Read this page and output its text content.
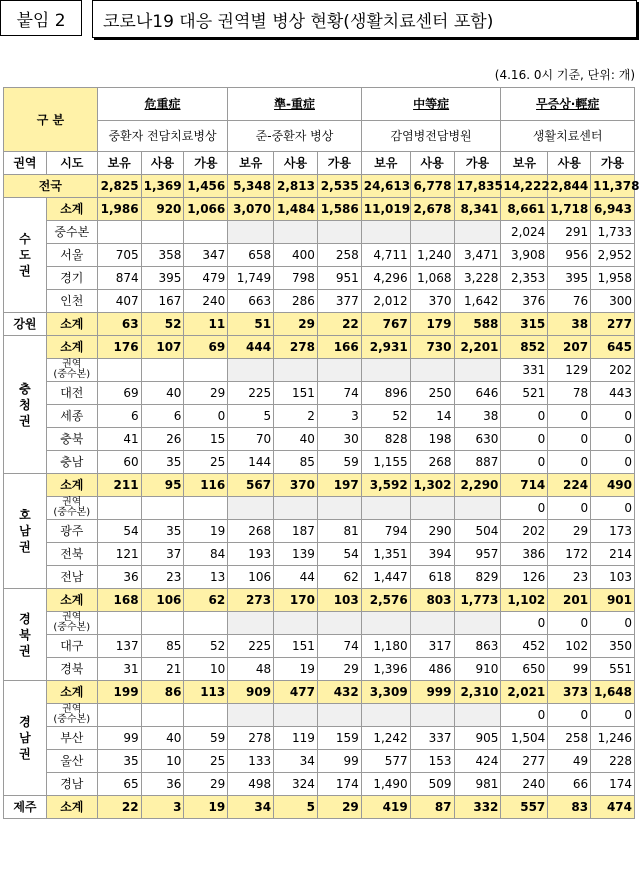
붙임 2	코로나19 대응 권역별 병상 현황(생활치료센터 포함)
(4.16. 0시 기준, 단위: 개)
구 분		危重症			準-重症			中等症			무증상·輕症		
		중환자 전담치료병상			준-중환자 병상			감염병전담병원			생활치료센터		
권역	시도	보유	사용	가용	보유	사용	가용	보유	사용	가용	보유	사용	가용
전국		2,825	1,369	1,456	5,348	2,813	2,535	24,613	6,778	17,835	14,222	2,844	11,378
수
도
권	소계	1,986	920	1,066	3,070	1,484	1,586	11,019	2,678	8,341	8,661	1,718	6,943
	중수본										2,024	291	1,733
	서울	705	358	347	658	400	258	4,711	1,240	3,471	3,908	956	2,952
	경기	874	395	479	1,749	798	951	4,296	1,068	3,228	2,353	395	1,958
	인천	407	167	240	663	286	377	2,012	370	1,642	376	76	300
강원	소계	63	52	11	51	29	22	767	179	588	315	38	277
충
청
권	소계	176	107	69	444	278	166	2,931	730	2,201	852	207	645
	권역
(중수본)										331	129	202
	대전	69	40	29	225	151	74	896	250	646	521	78	443
	세종	6	6	0	5	2	3	52	14	38	0	0	0
	충북	41	26	15	70	40	30	828	198	630	0	0	0
	충남	60	35	25	144	85	59	1,155	268	887	0	0	0
호
남
권	소계	211	95	116	567	370	197	3,592	1,302	2,290	714	224	490
	권역
(중수본)										0	0	0
	광주	54	35	19	268	187	81	794	290	504	202	29	173
	전북	121	37	84	193	139	54	1,351	394	957	386	172	214
	전남	36	23	13	106	44	62	1,447	618	829	126	23	103
경
북
권	소계	168	106	62	273	170	103	2,576	803	1,773	1,102	201	901
	권역
(중수본)										0	0	0
	대구	137	85	52	225	151	74	1,180	317	863	452	102	350
	경북	31	21	10	48	19	29	1,396	486	910	650	99	551
경
남
권	소계	199	86	113	909	477	432	3,309	999	2,310	2,021	373	1,648
	권역
(중수본)										0	0	0
	부산	99	40	59	278	119	159	1,242	337	905	1,504	258	1,246
	울산	35	10	25	133	34	99	577	153	424	277	49	228
	경남	65	36	29	498	324	174	1,490	509	981	240	66	174
제주	소계	22	3	19	34	5	29	419	87	332	557	83	474
